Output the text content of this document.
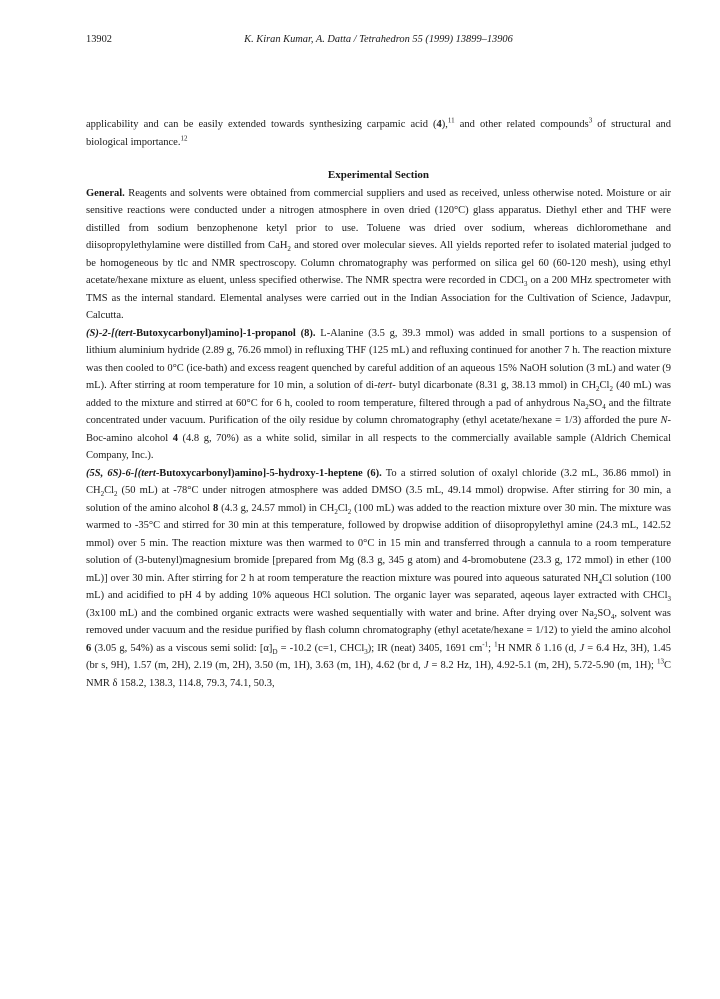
13902	K. Kiran Kumar, A. Datta / Tetrahedron 55 (1999) 13899–13906

applicability and can be easily extended towards synthesizing carpamic acid (4),$^{11}$ and other related compounds$^3$ of structural and biological importance.$^{12}$

Experimental Section

General. Reagents and solvents were obtained from commercial suppliers and used as received, unless otherwise noted. Moisture or air sensitive reactions were conducted under a nitrogen atmosphere in oven dried (120°C) glass apparatus. Diethyl ether and THF were distilled from sodium benzophenone ketyl prior to use. Toluene was dried over sodium, whereas dichloromethane and diisopropylethylamine were distilled from CaH$_2$ and stored over molecular sieves. All yields reported refer to isolated material judged to be homogeneous by tlc and NMR spectroscopy. Column chromatography was performed on silica gel 60 (60-120 mesh), using ethyl acetate/hexane mixture as eluent, unless specified otherwise. The NMR spectra were recorded in CDCl$_3$ on a 200 MHz spectrometer with TMS as the internal standard. Elemental analyses were carried out in the Indian Association for the Cultivation of Science, Jadavpur, Calcutta.

(S)-2-[(tert-Butoxycarbonyl)amino]-1-propanol (8). L-Alanine (3.5 g, 39.3 mmol) was added in small portions to a suspension of lithium aluminium hydride (2.89 g, 76.26 mmol) in refluxing THF (125 mL) and refluxing continued for another 7 h. The reaction mixture was then cooled to 0°C (ice-bath) and excess reagent quenched by careful addition of an aqueous 15% NaOH solution (3 mL) and water (9 mL). After stirring at room temperature for 10 min, a solution of di-tert- butyl dicarbonate (8.31 g, 38.13 mmol) in $CH_2Cl_2$ (40 mL) was added to the mixture and stirred at 60°C for 6 h, cooled to room temperature, filtered through a pad of anhydrous $Na_2SO_4$ and the filtrate concentrated under vacuum. Purification of the oily residue by column chromatography (ethyl acetate/hexane = 1/3) afforded the pure N-Boc-amino alcohol 4 (4.8 g, 70%) as a white solid, similar in all respects to the commercially available sample (Aldrich Chemical Company, Inc.).

(5S, 6S)-6-[(tert-Butoxycarbonyl)amino]-5-hydroxy-1-heptene (6). To a stirred solution of oxalyl chloride (3.2 mL, 36.86 mmol) in $CH_2Cl_2$ (50 mL) at -78°C under nitrogen atmosphere was added DMSO (3.5 mL, 49.14 mmol) dropwise. After stirring for 30 min, a solution of the amino alcohol 8 (4.3 g, 24.57 mmol) in $CH_2Cl_2$ (100 mL) was added to the reaction mixture over 30 min. The mixture was warmed to -35°C and stirred for 30 min at this temperature, followed by dropwise addition of diisopropylethyl amine (24.3 mL, 142.52 mmol) over 5 min. The reaction mixture was then warmed to 0°C in 15 min and transferred through a cannula to a room temperature solution of (3-butenyl)magnesium bromide [prepared from Mg (8.3 g, 345 g atom) and 4-bromobutene (23.3 g, 172 mmol) in ether (100 mL)] over 30 min. After stirring for 2 h at room temperature the reaction mixture was poured into aqueous saturated $NH_4Cl$ solution (100 mL) and acidified to pH 4 by adding 10% aqueous HCl solution. The organic layer was separated, aqeous layer extracted with CHCl$_3$ (3x100 mL) and the combined organic extracts were washed sequentially with water and brine. After drying over $Na_2SO_4$, solvent was removed under vacuum and the residue purified by flash column chromatography (ethyl acetate/hexane = 1/12) to yield the amino alcohol 6 (3.05 g, 54%) as a viscous semi solid: $[\alpha]_D = -10.2$ (c=1, CHCl$_3$); IR (neat) 3405, 1691 $cm^{-1}$; $^1$H NMR δ 1.16 (d, J = 6.4 Hz, 3H), 1.45 (br s, 9H), 1.57 (m, 2H), 2.19 (m, 2H), 3.50 (m, 1H), 3.63 (m, 1H), 4.62 (br d, J = 8.2 Hz, 1H), 4.92-5.1 (m, 2H), 5.72-5.90 (m, 1H); $^{13}$C NMR δ 158.2, 138.3, 114.8, 79.3, 74.1, 50.3,
